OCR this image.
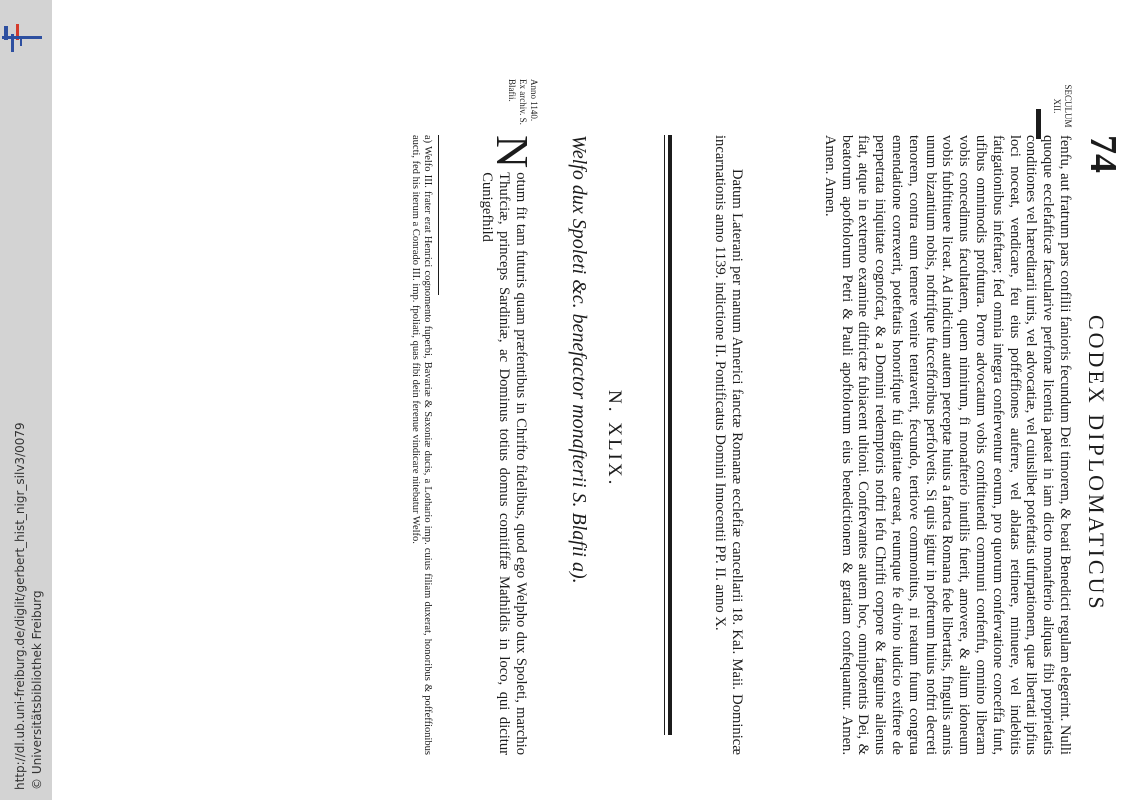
http://dl.ub.uni-freiburg.de/diglit/gerbert_hist_nigr_silv3/0079 © Universitätsbibliothek Freiburg
74
CODEX DIPLOMATICUS
SECULUM XII.

fenfu, aut fratrum pars confilii fanioris fecundum Dei timorem, & beati Benedicti regulam elegerint. Nulli quoque ecclefafticæ fæcularive perfonæ licentia pateat in iam dicto monafterio aliquas fibi proprietatis conditiones vel hæreditarii iuris, vel advocatiæ, vel cuiuslibet poteftatis ufurpationem, quæ libertati ipfius loci noceat, vendicare, feu eius poffeffiones auferre, vel ablatas retinere, minuere, vel indebitis fatigationibus infeftare; fed omnia integra conferventur eorum, pro quorum confervatione conceffa funt, ufibus omnimodis profutura. Porro advocatum vobis conftituendi communi confenfu, omnino liberam vobis concedimus facultatem, quem nimirum, fi monafterio inutilis fuerit, amovere, & alium idoneum vobis fubftituere liceat. Ad indicium autem perceptæ huius a fancta Romana fede libertatis, fingulis annis unum bizantium nobis, noftrifque fuccefforibus perfolvetis. Si quis igitur in pofterum huius noftri decreti tenorem, contra eum temere venire tentaverit, fecundo, tertiove commonitus, ni reatum fuum congrua emendatione correxerit, poteftatis honorifque fui dignitate careat, reumque fe divino iudicio exiftere de perpetrata iniquitate cognofcat, & a Domini redemptoris noftri Iefu Chrifti corpore & fanguine alienus fiat, atque in extremo examine diftrictæ fubiacent ultioni. Confervantes autem hoc, omnipotentis Dei, & beatorum apoftolorum Petri & Pauli apoftolorum eius benedictionem & gratiam confequantur. Amen. Amen. Amen.

Datum Laterani per manum Americi fanctæ Romanæ ecclefiæ cancellarii 18. Kal. Maii. Dominicæ incarnationis anno 1139. indictione II. Pontificatus Domini Innocentii PP. II. anno X.

N. XLIX.
Welfo dux Spoleti &c. benefactor monafterii S. Blafii a).
Anno 1140. Ex archiv. S. Blafii.
N

otum fit tam futuris quam præfentibus in Chrifto fidelibus, quod ego Welpho dux Spoleti, marchio Thufciæ, princeps Sardiniæ, ac Dominus totius domus comitiffæ Mathildis in loco, qui dicitur Cunigefhild

a) Welfo III. frater erat Henrici cognomento fuperbi, Bavariæ & Saxoniæ ducis, a Lothario imp. cuius filiam duxerat, honoribus & poffeffionibus aucti, fed his iterum a Conrado III. imp. fpoliati, quas fibi dein ferenue vindicare nitebatur Welfo.
